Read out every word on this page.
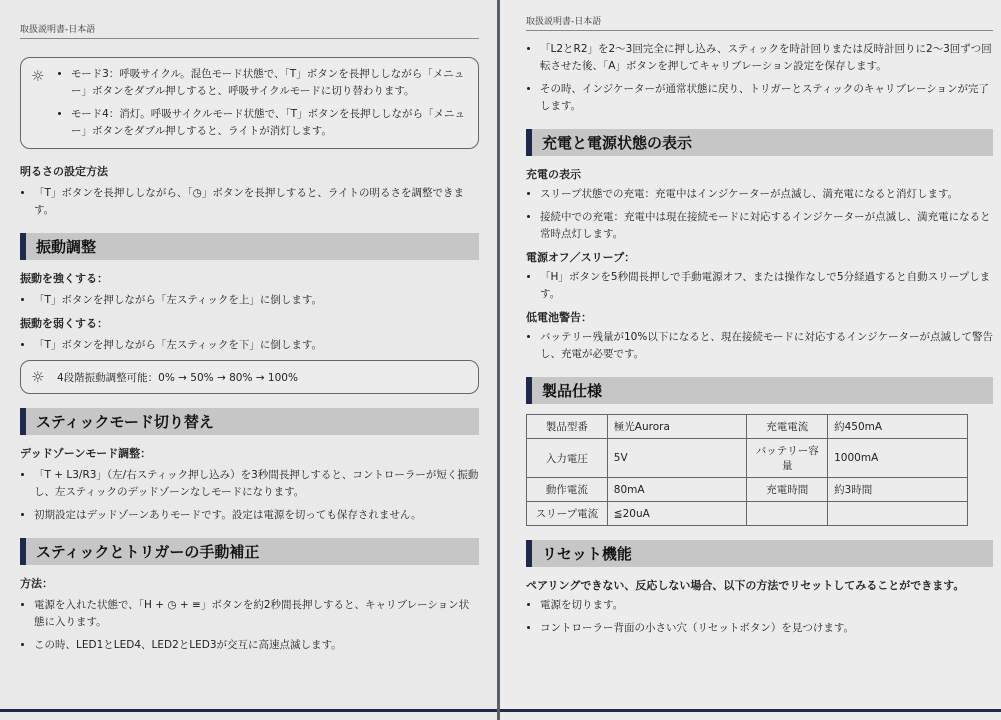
取扱説明書-日本語
☼	• モード3：呼吸サイクル。混色モード状態で、「T」ボタンを長押ししながら「メニュー」ボタンをダブル押しすると、呼吸サイクルモードに切り替わります。
• モード4：消灯。呼吸サイクルモード状態で、「T」ボタンを長押ししながら「メニュー」ボタンをダブル押しすると、ライトが消灯します。
明るさの設定方法
• 「T」ボタンを長押ししながら、「◷」ボタンを長押しすると、ライトの明るさを調整できます。
振動調整
振動を強くする：
• 「T」ボタンを押しながら「左スティックを上」に倒します。
振動を弱くする：
• 「T」ボタンを押しながら「左スティックを下」に倒します。
☼	4段階振動調整可能：0% → 50% → 80% → 100%
スティックモード切り替え
デッドゾーンモード調整：
• 「T + L3/R3」（左/右スティック押し込み）を3秒間長押しすると、コントローラーが短く振動し、左スティックのデッドゾーンなしモードになります。
• 初期設定はデッドゾーンありモードです。設定は電源を切っても保存されません。
スティックとトリガーの手動補正
方法：
• 電源を入れた状態で、「H + ◷ + ≡」ボタンを約2秒間長押しすると、キャリブレーション状態に入ります。
• この時、LED1とLED4、LED2とLED3が交互に高速点滅します。
取扱説明書-日本語
• 「L2とR2」を2～3回完全に押し込み、スティックを時計回りまたは反時計回りに2～3回ずつ回転させた後、「A」ボタンを押してキャリブレーション設定を保存します。
• その時、インジケーターが通常状態に戻り、トリガーとスティックのキャリブレーションが完了します。
充電と電源状態の表示
充電の表示
• スリープ状態での充電：充電中はインジケーターが点滅し、満充電になると消灯します。
• 接続中での充電：充電中は現在接続モードに対応するインジケーターが点滅し、満充電になると常時点灯します。
電源オフ／スリープ：
• 「H」ボタンを5秒間長押しで手動電源オフ、または操作なしで5分経過すると自動スリープします。
低電池警告：
• バッテリー残量が10%以下になると、現在接続モードに対応するインジケーターが点滅して警告し、充電が必要です。
製品仕様
製品型番	極光Aurora	充電電流	約450mA
入力電圧	5V	バッテリー容量	1000mA
動作電流	80mA	充電時間	約3時間
スリープ電流	≦20uA		
リセット機能
ペアリングできない、反応しない場合、以下の方法でリセットしてみることができます。
• 電源を切ります。
• コントローラー背面の小さい穴（リセットボタン）を見つけます。
